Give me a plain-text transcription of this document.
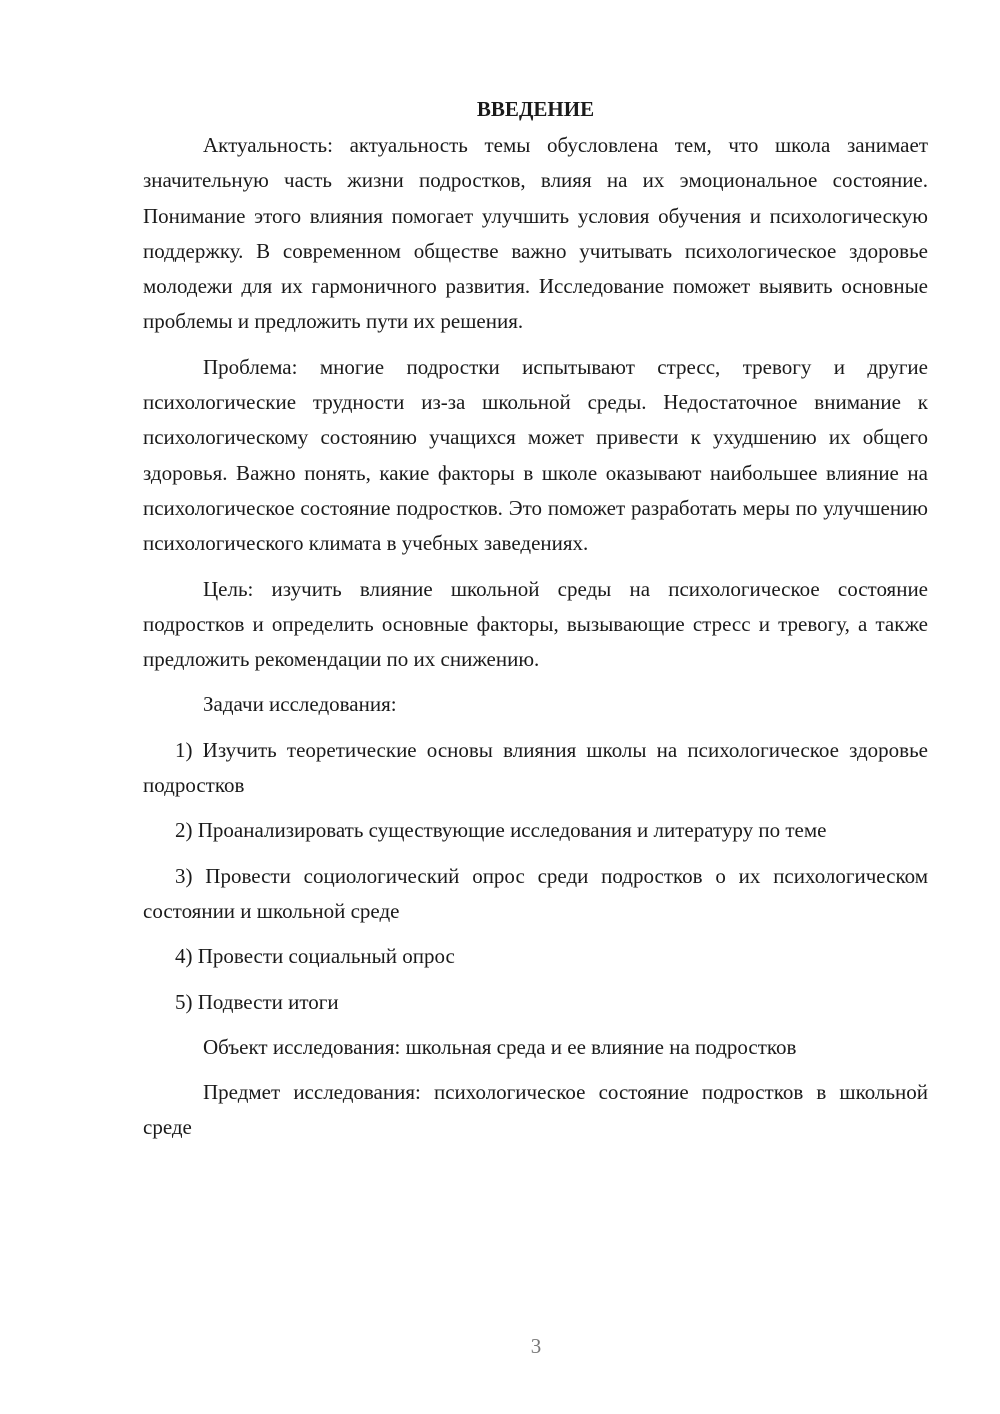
ВВЕДЕНИЕ

Актуальность: актуальность темы обусловлена тем, что школа занимает значительную часть жизни подростков, влияя на их эмоциональное состояние. Понимание этого влияния помогает улучшить условия обучения и психологическую поддержку. В современном обществе важно учитывать психологическое здоровье молодежи для их гармоничного развития. Исследование поможет выявить основные проблемы и предложить пути их решения.

Проблема: многие подростки испытывают стресс, тревогу и другие психологические трудности из-за школьной среды. Недостаточное внимание к психологическому состоянию учащихся может привести к ухудшению их общего здоровья. Важно понять, какие факторы в школе оказывают наибольшее влияние на психологическое состояние подростков. Это поможет разработать меры по улучшению психологического климата в учебных заведениях.

Цель: изучить влияние школьной среды на психологическое состояние подростков и определить основные факторы, вызывающие стресс и тревогу, а также предложить рекомендации по их снижению.

Задачи исследования:

1) Изучить теоретические основы влияния школы на психологическое здоровье подростков

2) Проанализировать существующие исследования и литературу по теме

3) Провести социологический опрос среди подростков о их психологическом состоянии и школьной среде

4) Провести социальный опрос

5) Подвести итоги

Объект исследования: школьная среда и ее влияние на подростков

Предмет исследования: психологическое состояние подростков в школьной среде

3
